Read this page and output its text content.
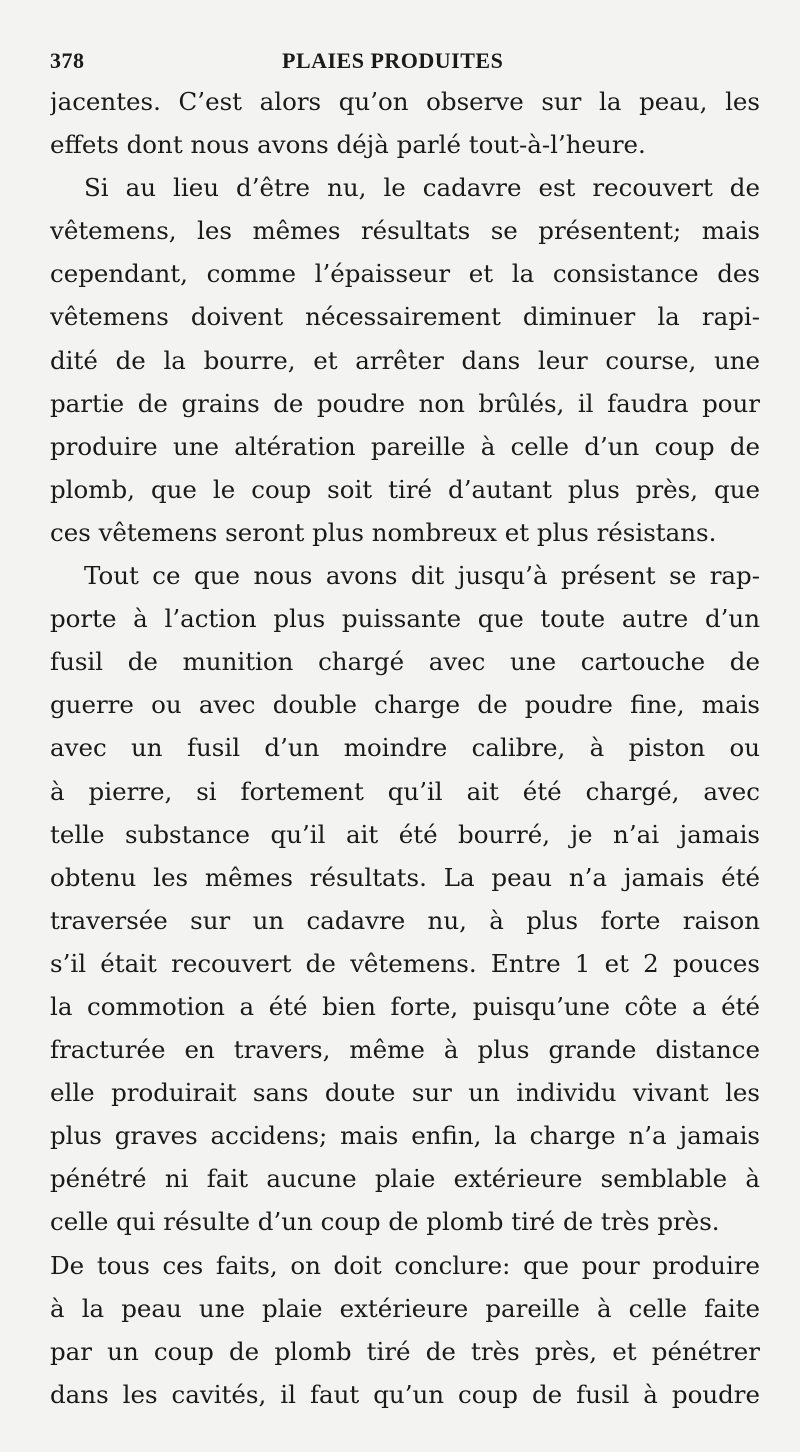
378	PLAIES PRODUITES
jacentes. C’est alors qu’on observe sur la peau, les
effets dont nous avons déjà parlé tout-à-l’heure.
Si au lieu d’être nu, le cadavre est recouvert de
vêtemens, les mêmes résultats se présentent; mais
cependant, comme l’épaisseur et la consistance des
vêtemens doivent nécessairement diminuer la rapi-
dité de la bourre, et arrêter dans leur course, une
partie de grains de poudre non brûlés, il faudra pour
produire une altération pareille à celle d’un coup de
plomb, que le coup soit tiré d’autant plus près, que
ces vêtemens seront plus nombreux et plus résistans.
Tout ce que nous avons dit jusqu’à présent se rap-
porte à l’action plus puissante que toute autre d’un
fusil de munition chargé avec une cartouche de
guerre ou avec double charge de poudre fine, mais
avec un fusil d’un moindre calibre, à piston ou
à pierre, si fortement qu’il ait été chargé, avec
telle substance qu’il ait été bourré, je n’ai jamais
obtenu les mêmes résultats. La peau n’a jamais été
traversée sur un cadavre nu, à plus forte raison
s’il était recouvert de vêtemens. Entre 1 et 2 pouces
la commotion a été bien forte, puisqu’une côte a été
fracturée en travers, même à plus grande distance
elle produirait sans doute sur un individu vivant les
plus graves accidens; mais enfin, la charge n’a jamais
pénétré ni fait aucune plaie extérieure semblable à
celle qui résulte d’un coup de plomb tiré de très près.
De tous ces faits, on doit conclure: que pour produire
à la peau une plaie extérieure pareille à celle faite
par un coup de plomb tiré de très près, et pénétrer
dans les cavités, il faut qu’un coup de fusil à poudre
